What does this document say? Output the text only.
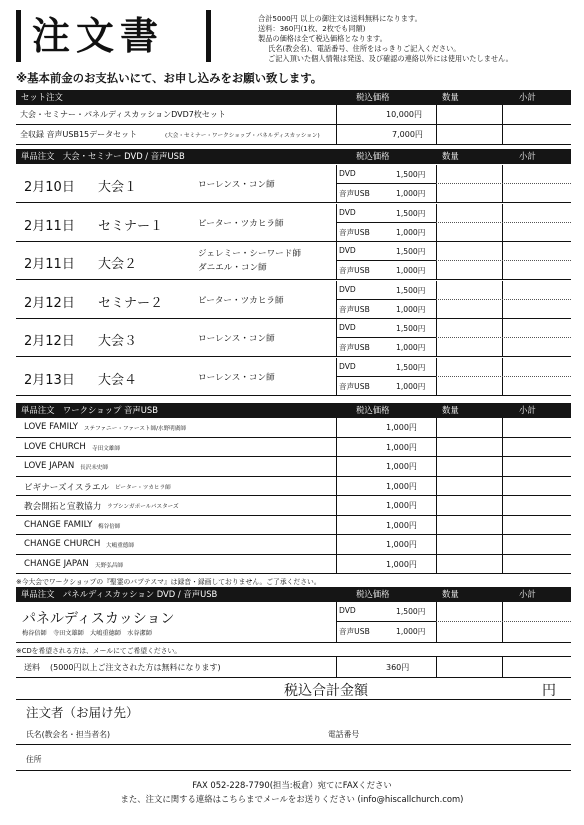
注文書	合計5000円 以上の御注文は送料無料になります。
送料：360円(1枚、2枚でも同額)
製品の価格は全て税込価格となります。
氏名(教会名)、電話番号、住所をはっきりご記入ください。
ご記入頂いた個人情報は発送、及び確認の連絡以外には使用いたしません。
※基本前金のお支払いにて、お申し込みをお願い致します。
セット注文	税込価格	数量	小計
大会・セミナー・パネルディスカッションDVD7枚セット	10,000円
全収録 音声USB15データセット	(大会・セミナー・ワークショップ・パネルディスカッション)	7,000円
単品注文　大会・セミナー DVD / 音声USB	税込価格	数量	小計
2月10日 大会１	ローレンス・コン師
DVD	1,500円
音声USB	1,000円
2月11日 セミナー１	ピーター・ツカヒラ師
DVD	1,500円
音声USB	1,000円
2月11日 大会２
ジェレミー・シーワード師
ダニエル・コン師
DVD	1,500円
音声USB	1,000円
2月12日 セミナー２	ピーター・ツカヒラ師
DVD	1,500円
音声USB	1,000円
2月12日 大会３	ローレンス・コン師
DVD	1,500円
音声USB	1,000円
2月13日 大会４	ローレンス・コン師
DVD	1,500円
音声USB	1,000円
単品注文　ワークショップ 音声USB	税込価格	数量	小計
LOVE FAMILY ステファニー・ファースト師/水野明廣師	1,000円
LOVE CHURCH 寺田文雄師	1,000円
LOVE JAPAN 長沢未史師	1,000円
ビギナーズイスラエル ピーター・ツカヒラ師	1,000円
教会開拓と宣教協力 ラブシンガポールパスターズ	1,000円
CHANGE FAMILY 梅谷倍師	1,000円
CHANGE CHURCH 大嶋重德師	1,000円
CHANGE JAPAN 天野弘昌師	1,000円
※今大会でワークショップの『聖霊のバプテスマ』は録音・録画しておりません。ご了承ください。
単品注文　パネルディスカッション DVD / 音声USB	税込価格	数量	小計
パネルディスカッション
梅谷倍師　寺田文雄師　大嶋重德師　水谷潔師
DVD	1,500円
音声USB	1,000円
※CDを希望される方は、メールにてご希望ください。
送料 (5000円以上ご注文された方は無料になります)	360円
税込合計金額	円
注文者（お届け先）
氏名(教会名・担当者名)	電話番号
住所
FAX 052-228-7790(担当:板倉）宛てにFAXください
また、注文に関する連絡はこちらまでメールをお送りください (info@hiscallchurch.com)
